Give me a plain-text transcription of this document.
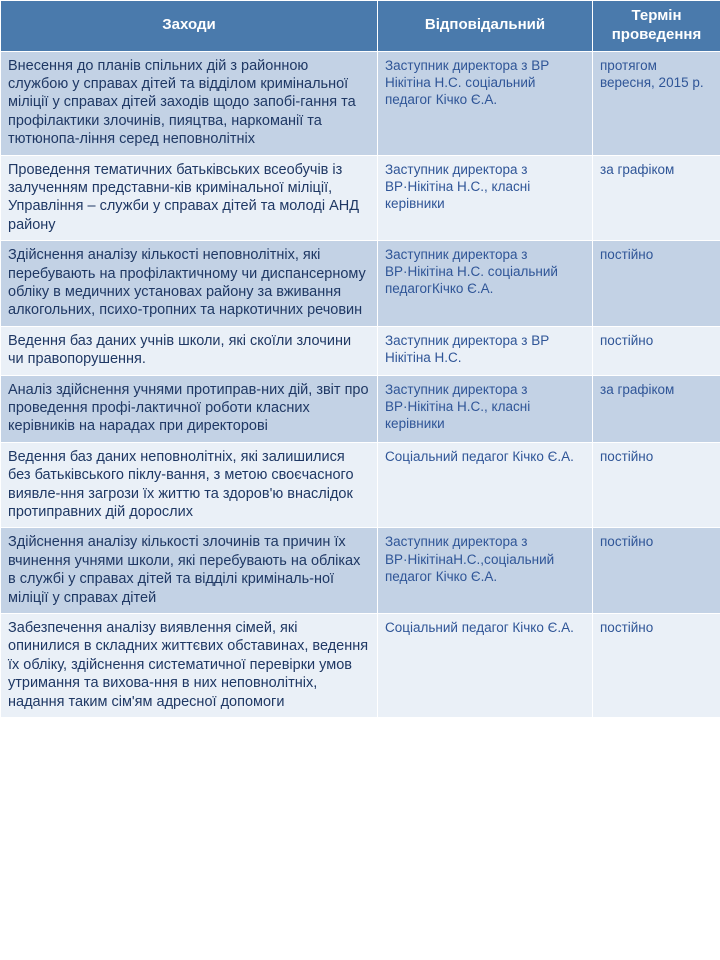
Заходи	Відповідальний	Термін проведення
Внесення до планів спільних дій з районною службою у справах дітей та відділом кримінальної міліції у справах дітей заходів щодо запобі-гання та профілактики злочинів, пияцтва, наркоманії та тютюнопа-ління серед неповнолітніх	Заступник директора з ВР Нікітіна Н.С. соціальний педагог Кічко Є.А.	протягом вересня, 2015 р.
Проведення тематичних батьківських всеобучів із залученням представни-ків кримінальної міліції, Управління – служби у справах дітей та молоді АНД району	Заступник директора з ВР·Нікітіна Н.С., класні керівники	за графіком
Здійснення аналізу кількості неповнолітніх, які перебувають на профілактичному чи диспансерному обліку в медичних установах району за вживання алкогольних, психо-тропних та наркотичних речовин	Заступник директора з ВР·Нікітіна Н.С. соціальний педагогКічко Є.А.	постійно
Ведення баз даних учнів школи, які скоїли злочини чи правопорушення.	Заступник директора з ВР Нікітіна Н.С.	постійно
Аналіз здійснення учнями протиправ-них дій, звіт про проведення профі-лактичної роботи класних керівників на нарадах при директорові	Заступник директора з ВР·Нікітіна Н.С., класні керівники	за графіком
Ведення баз даних неповнолітніх, які залишилися без батьківського піклу-вання, з метою своєчасного виявле-ння загрози їх життю та здоров'ю внаслідок протиправних дій дорослих	Соціальний педагог Кічко Є.А.	постійно
Здійснення аналізу кількості злочинів та причин їх вчинення учнями школи, які перебувають на обліках в службі у справах дітей та відділі криміналь-ної міліції у справах дітей	Заступник директора з ВР·НікітінаН.С.,соціальний педагог Кічко Є.А.	постійно
Забезпечення аналізу виявлення сімей, які опинилися в складних життєвих обставинах, ведення їх обліку, здійснення систематичної перевірки умов утримання та вихова-ння в них неповнолітніх, надання таким сім'ям адресної допомоги	Соціальний педагог Кічко Є.А.	постійно
